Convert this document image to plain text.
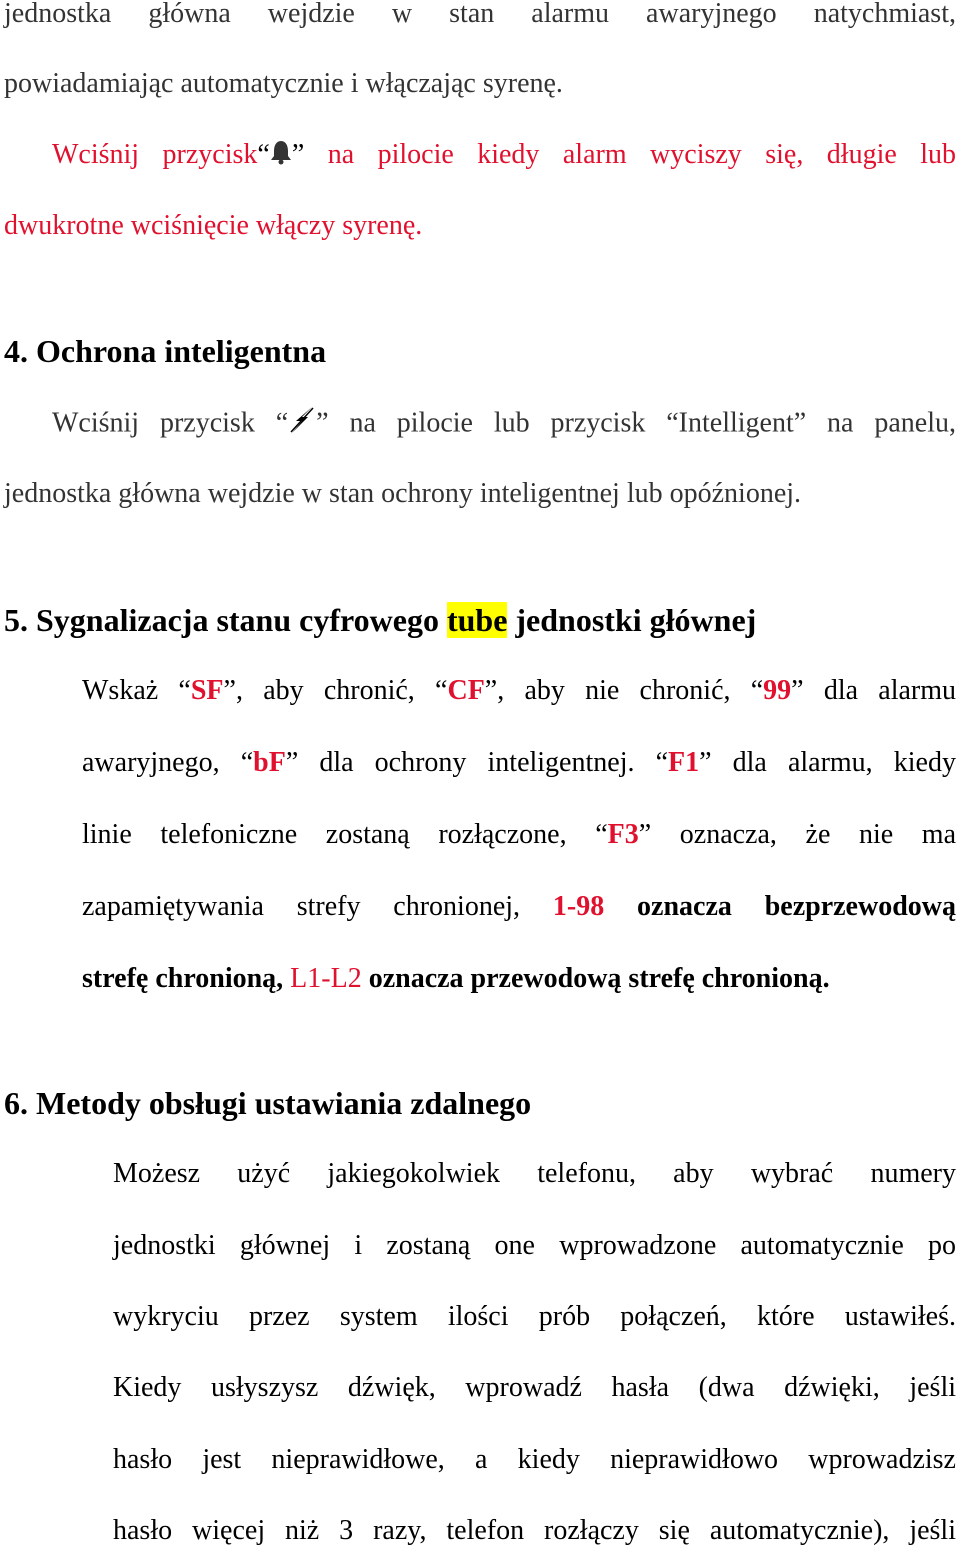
jednostka główna wejdzie w stan alarmu awaryjnego natychmiast,
powiadamiając automatycznie i włączając syrenę.
Wciśnij przycisk“ ” na pilocie kiedy alarm wyciszy się, długie lub
dwukrotne wciśnięcie włączy syrenę.
4. Ochrona inteligentna
Wciśnij przycisk “ ” na pilocie lub przycisk “Intelligent” na panelu,
jednostka główna wejdzie w stan ochrony inteligentnej lub opóźnionej.
5. Sygnalizacja stanu cyfrowego tube jednostki głównej
Wskaż “SF”, aby chronić, “CF”, aby nie chronić, “99” dla alarmu
awaryjnego, “bF” dla ochrony inteligentnej. “F1” dla alarmu, kiedy
linie telefoniczne zostaną rozłączone, “F3” oznacza, że nie ma
zapamiętywania strefy chronionej, 1-98 oznacza bezprzewodową
strefę chronioną, L1-L2 oznacza przewodową strefę chronioną.
6. Metody obsługi ustawiania zdalnego
Możesz użyć jakiegokolwiek telefonu, aby wybrać numery
jednostki głównej i zostaną one wprowadzone automatycznie po
wykryciu przez system ilości prób połączeń, które ustawiłeś.
Kiedy usłyszysz dźwięk, wprowadź hasła (dwa dźwięki, jeśli
hasło jest nieprawidłowe, a kiedy nieprawidłowo wprowadzisz
hasło więcej niż 3 razy, telefon rozłączy się automatycznie), jeśli
